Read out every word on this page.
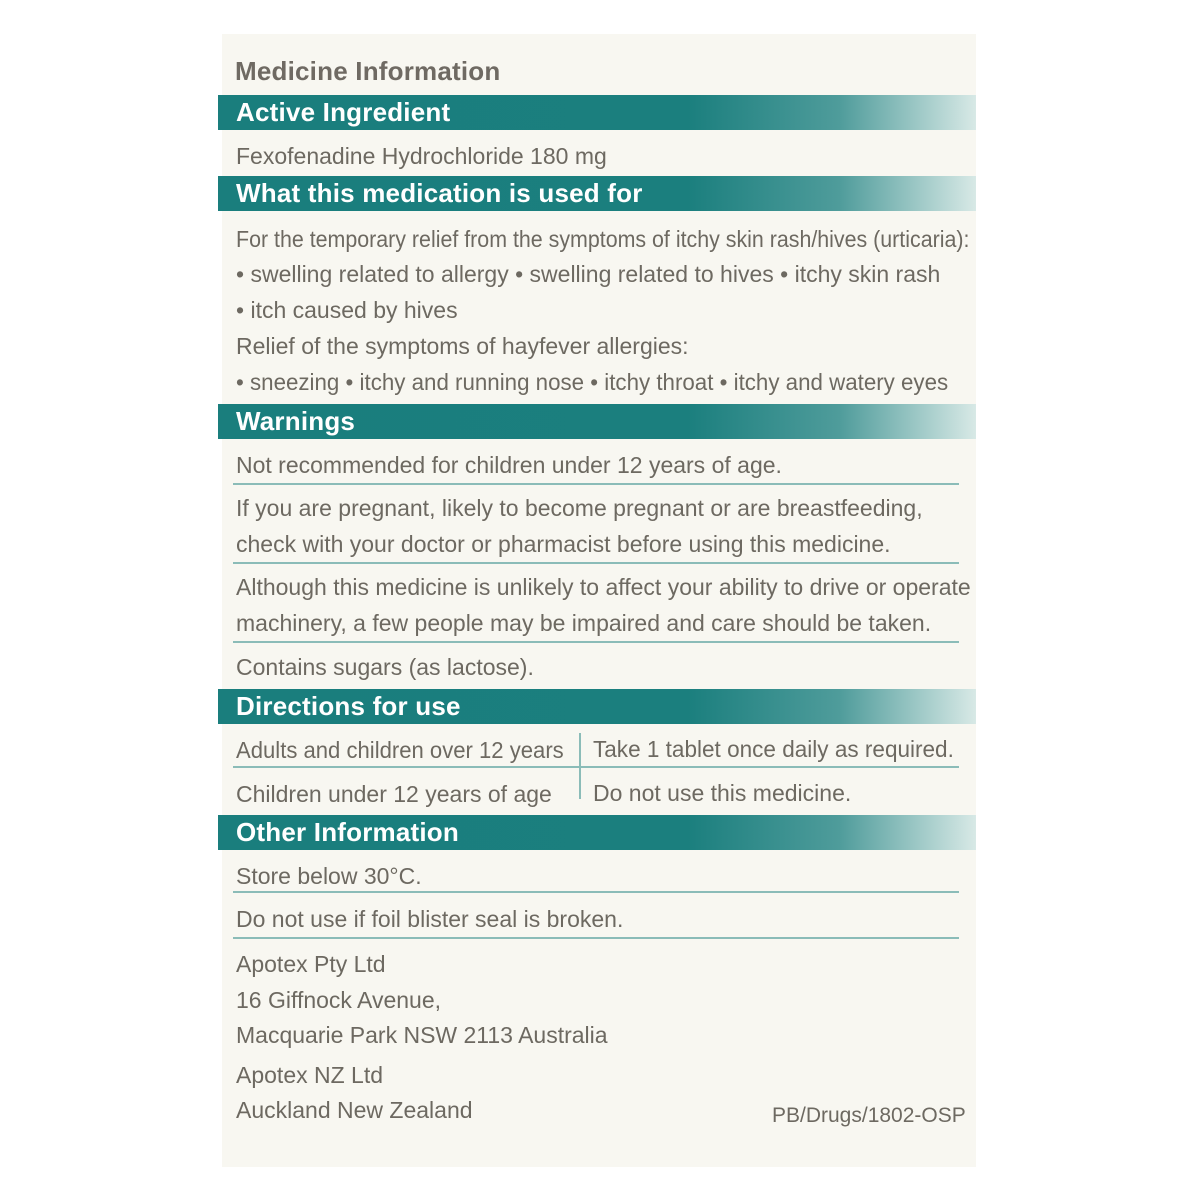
Medicine Information
Active Ingredient
Fexofenadine Hydrochloride 180 mg
What this medication is used for
For the temporary relief from the symptoms of itchy skin rash/hives (urticaria):
• swelling related to allergy • swelling related to hives • itchy skin rash
• itch caused by hives
Relief of the symptoms of hayfever allergies:
• sneezing • itchy and running nose • itchy throat • itchy and watery eyes
Warnings
Not recommended for children under 12 years of age.
If you are pregnant, likely to become pregnant or are breastfeeding,
check with your doctor or pharmacist before using this medicine.
Although this medicine is unlikely to affect your ability to drive or operate
machinery, a few people may be impaired and care should be taken.
Contains sugars (as lactose).
Directions for use
Adults and children over 12 years Take 1 tablet once daily as required.
Children under 12 years of age Do not use this medicine.
Other Information
Store below 30°C.
Do not use if foil blister seal is broken.
Apotex Pty Ltd
16 Giffnock Avenue,
Macquarie Park NSW 2113 Australia
Apotex NZ Ltd
Auckland New Zealand	PB/Drugs/1802-OSP
